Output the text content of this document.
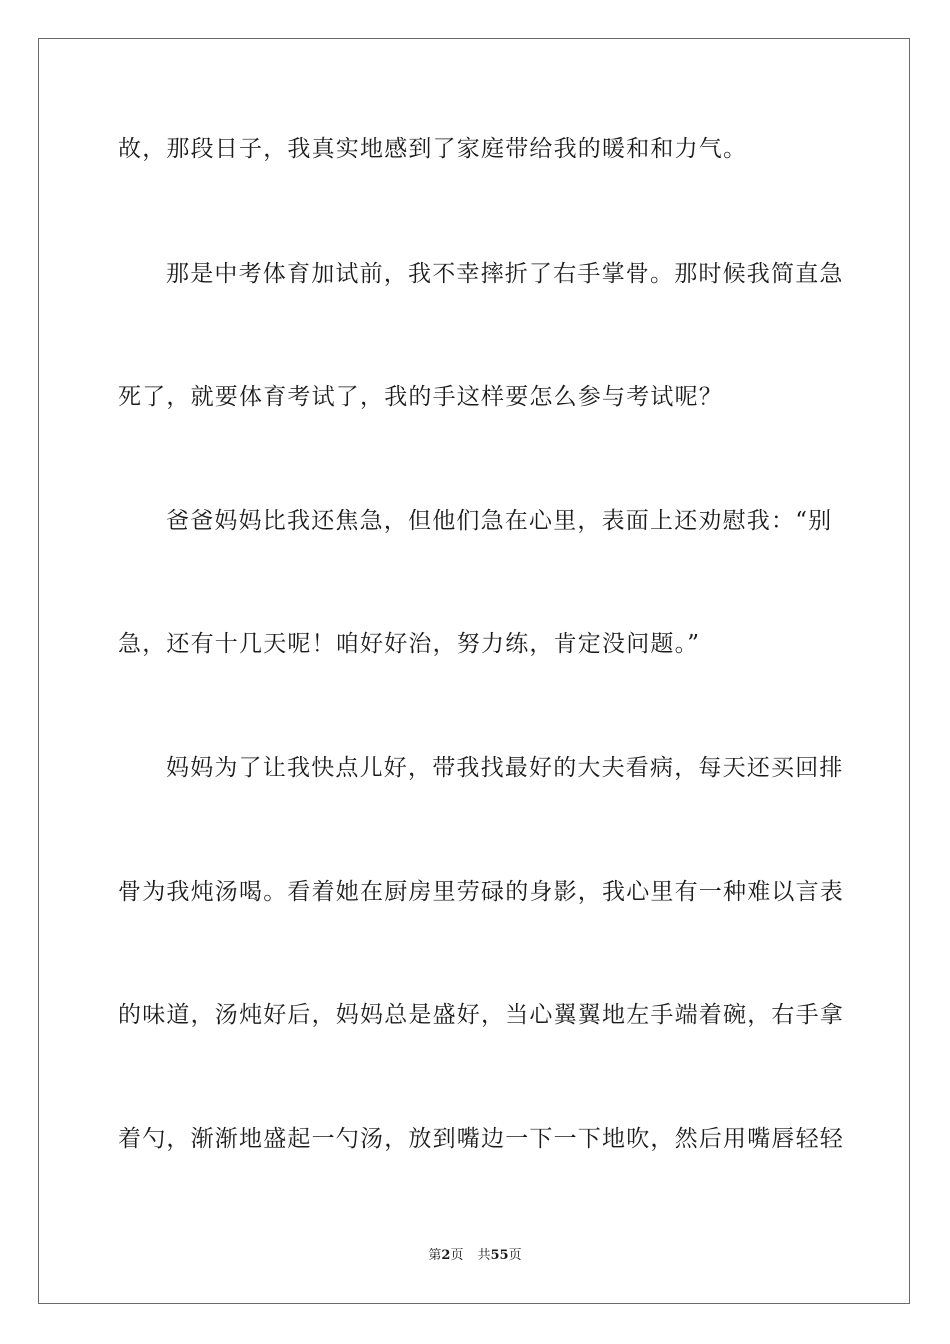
故，那段日子，我真实地感到了家庭带给我的暖和和力气。
那是中考体育加试前，我不幸摔折了右手掌骨。那时候我简直急
死了，就要体育考试了，我的手这样要怎么参与考试呢？
爸爸妈妈比我还焦急，但他们急在心里，表面上还劝慰我：“别
急，还有十几天呢！咱好好治，努力练，肯定没问题。”
妈妈为了让我快点儿好，带我找最好的大夫看病，每天还买回排
骨为我炖汤喝。看着她在厨房里劳碌的身影，我心里有一种难以言表
的味道，汤炖好后，妈妈总是盛好，当心翼翼地左手端着碗，右手拿
着勺，渐渐地盛起一勺汤，放到嘴边一下一下地吹，然后用嘴唇轻轻
第2页 共55页
